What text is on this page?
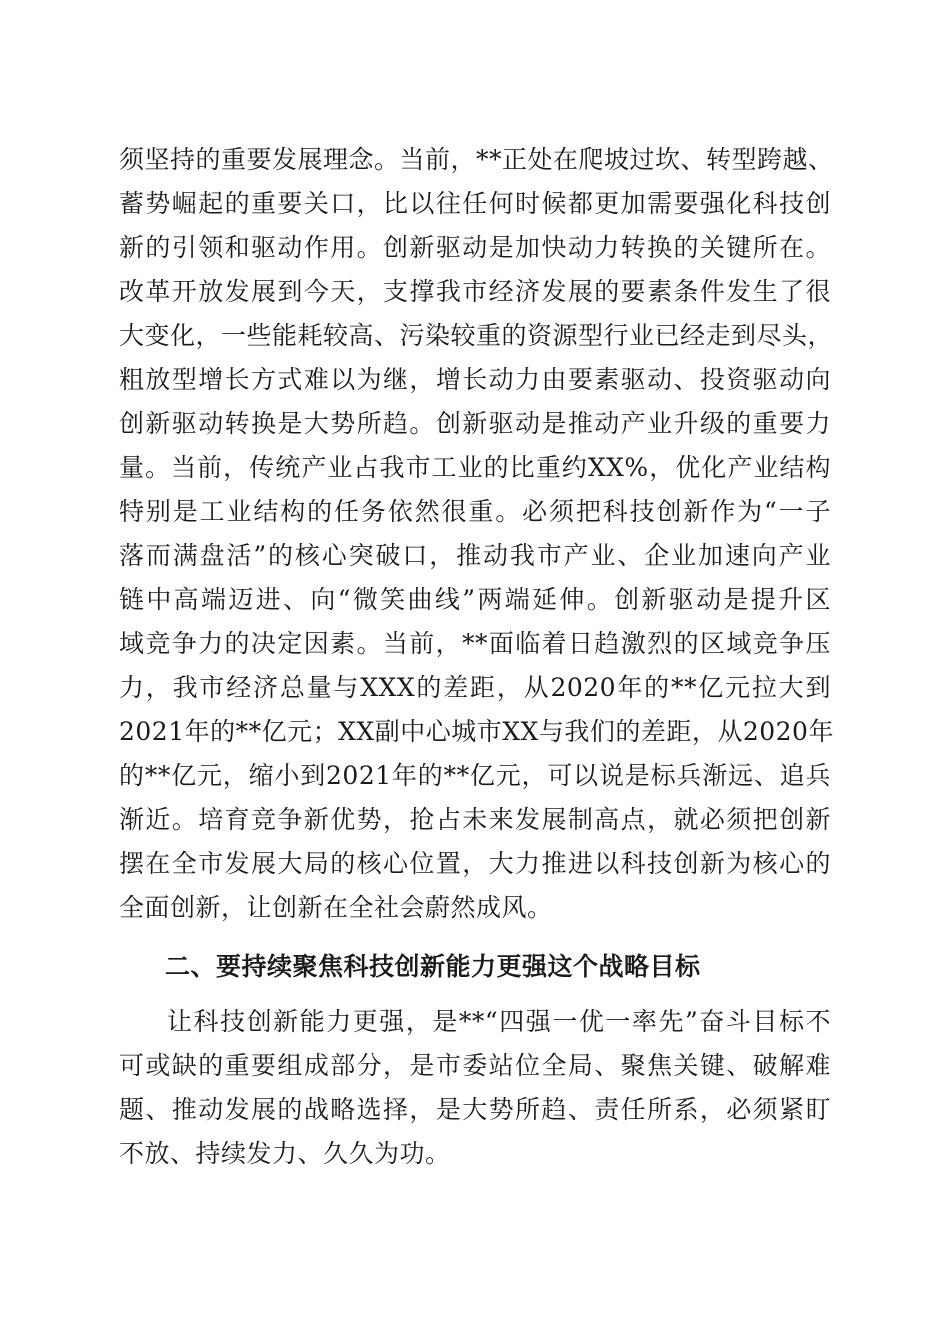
须坚持的重要发展理念。当前，**正处在爬坡过坎、转型跨越、
蓄势崛起的重要关口，比以往任何时候都更加需要强化科技创
新的引领和驱动作用。创新驱动是加快动力转换的关键所在。
改革开放发展到今天，支撑我市经济发展的要素条件发生了很
大变化，一些能耗较高、污染较重的资源型行业已经走到尽头，
粗放型增长方式难以为继，增长动力由要素驱动、投资驱动向
创新驱动转换是大势所趋。创新驱动是推动产业升级的重要力
量。当前，传统产业占我市工业的比重约XX%，优化产业结构
特别是工业结构的任务依然很重。必须把科技创新作为“一子
落而满盘活”的核心突破口，推动我市产业、企业加速向产业
链中高端迈进、向“微笑曲线”两端延伸。创新驱动是提升区
域竞争力的决定因素。当前，**面临着日趋激烈的区域竞争压
力，我市经济总量与XXX的差距，从2020年的**亿元拉大到
2021年的**亿元；XX副中心城市XX与我们的差距，从2020年
的**亿元，缩小到2021年的**亿元，可以说是标兵渐远、追兵
渐近。培育竞争新优势，抢占未来发展制高点，就必须把创新
摆在全市发展大局的核心位置，大力推进以科技创新为核心的
全面创新，让创新在全社会蔚然成风。
二、要持续聚焦科技创新能力更强这个战略目标
让科技创新能力更强，是**“四强一优一率先”奋斗目标不
可或缺的重要组成部分，是市委站位全局、聚焦关键、破解难
题、推动发展的战略选择，是大势所趋、责任所系，必须紧盯
不放、持续发力、久久为功。
